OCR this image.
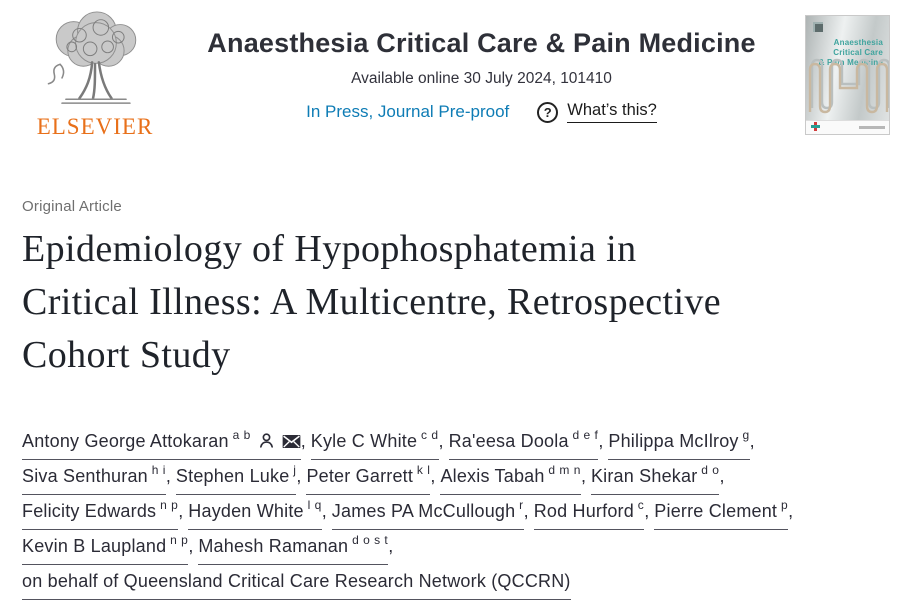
ELSEVIER
Anaesthesia Critical Care & Pain Medicine
Available online 30 July 2024, 101410
In Press, Journal Pre-proof	? What’s this?
Anaesthesia
Critical Care
& Pain Medicine
Original Article
Epidemiology of Hypophosphatemia in
Critical Illness: A Multicentre, Retrospective
Cohort Study
Antony George Attokaran $^{a b}$	, Kyle C White $^{c d}$, Ra'eesa Doola $^{d e f}$, Philippa McIlroy $^g$,
Siva Senthuran $^{h i}$, Stephen Luke $^j$, Peter Garrett $^{k l}$, Alexis Tabah $^{d m n}$, Kiran Shekar $^{d o}$,
Felicity Edwards $^{n p}$, Hayden White $^{l q}$, James PA McCullough $^r$, Rod Hurford $^c$, Pierre Clement $^p$,
Kevin B Laupland $^{n p}$, Mahesh Ramanan $^{d o s t}$,
on behalf of Queensland Critical Care Research Network (QCCRN)
